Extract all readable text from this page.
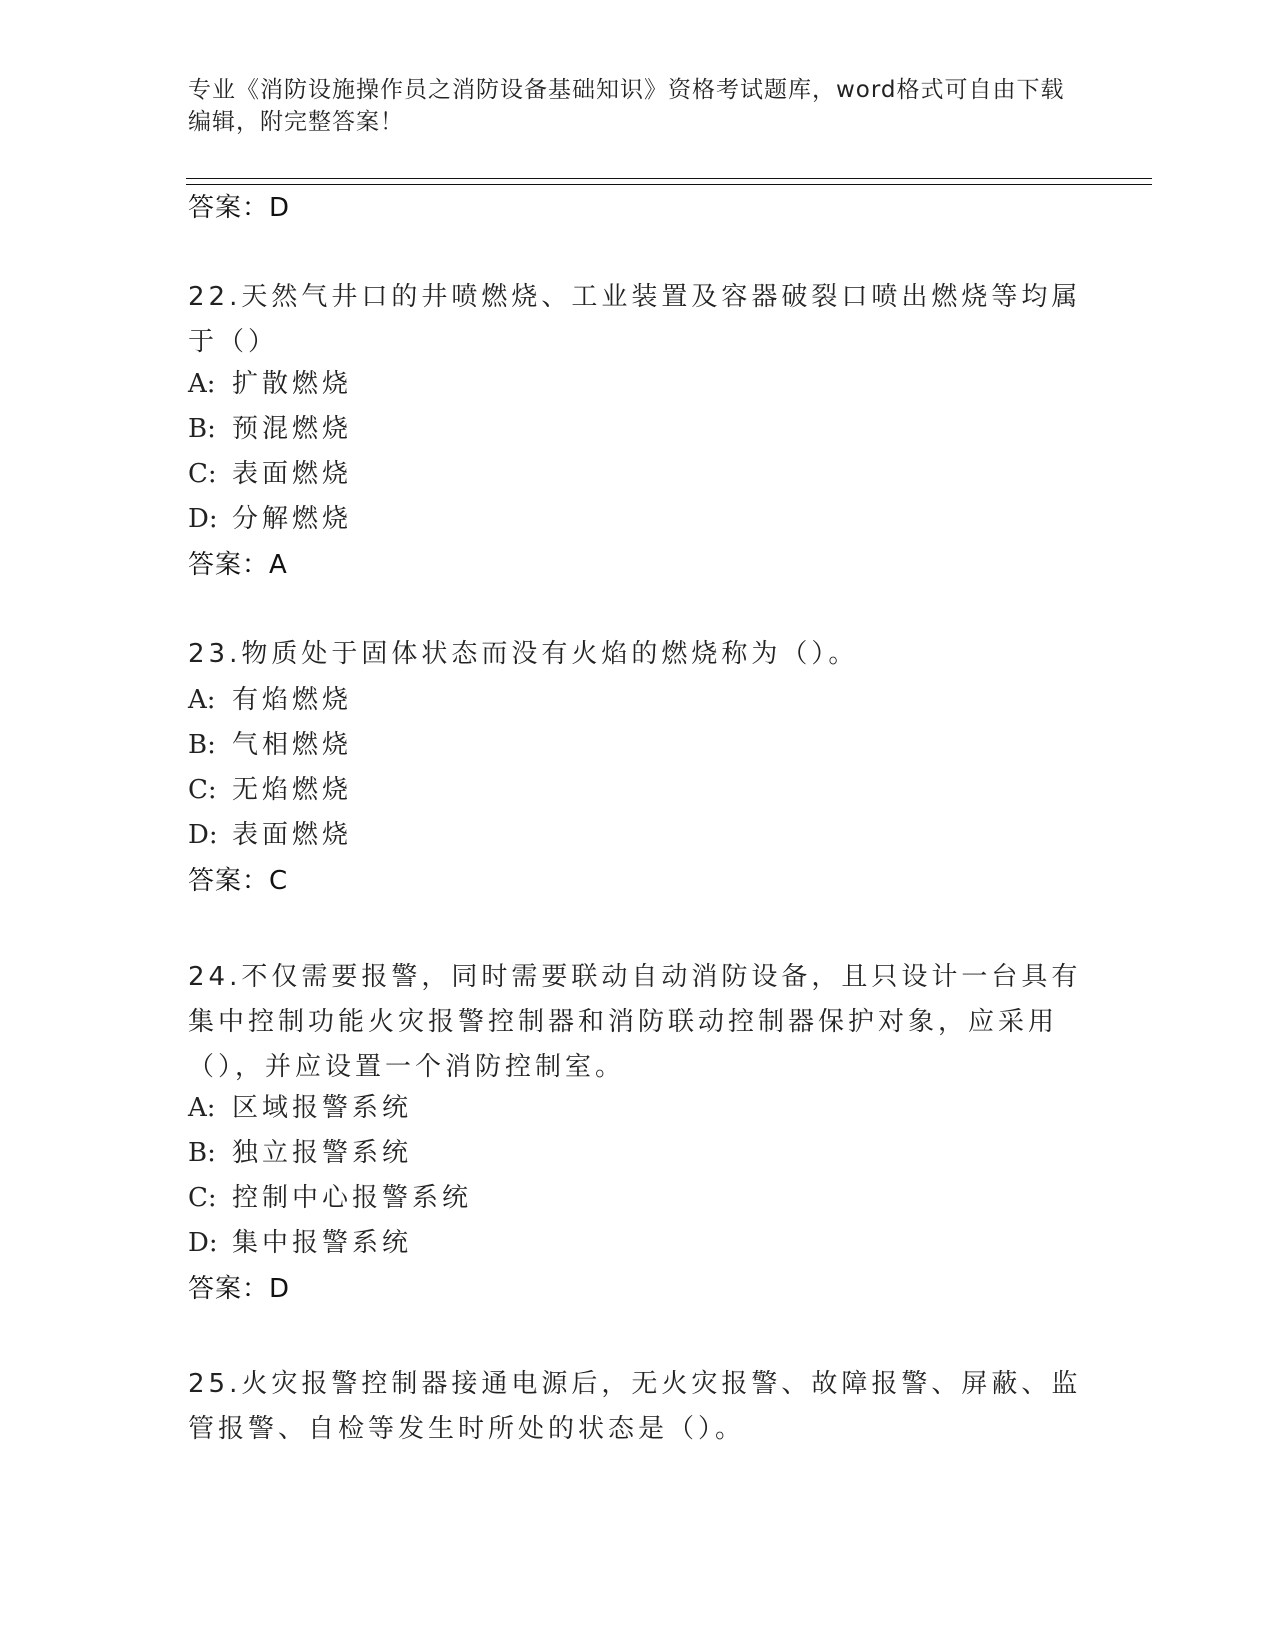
专业《消防设施操作员之消防设备基础知识》资格考试题库，word格式可自由下载编辑，附完整答案！
答案：D
22.天然气井口的井喷燃烧、工业装置及容器破裂口喷出燃烧等均属于（）
A: 扩散燃烧
B: 预混燃烧
C: 表面燃烧
D: 分解燃烧
答案：A
23.物质处于固体状态而没有火焰的燃烧称为（）。
A: 有焰燃烧
B: 气相燃烧
C: 无焰燃烧
D: 表面燃烧
答案：C
24.不仅需要报警，同时需要联动自动消防设备，且只设计一台具有集中控制功能火灾报警控制器和消防联动控制器保护对象，应采用（），并应设置一个消防控制室。
A: 区域报警系统
B: 独立报警系统
C: 控制中心报警系统
D: 集中报警系统
答案：D
25.火灾报警控制器接通电源后，无火灾报警、故障报警、屏蔽、监管报警、自检等发生时所处的状态是（）。
